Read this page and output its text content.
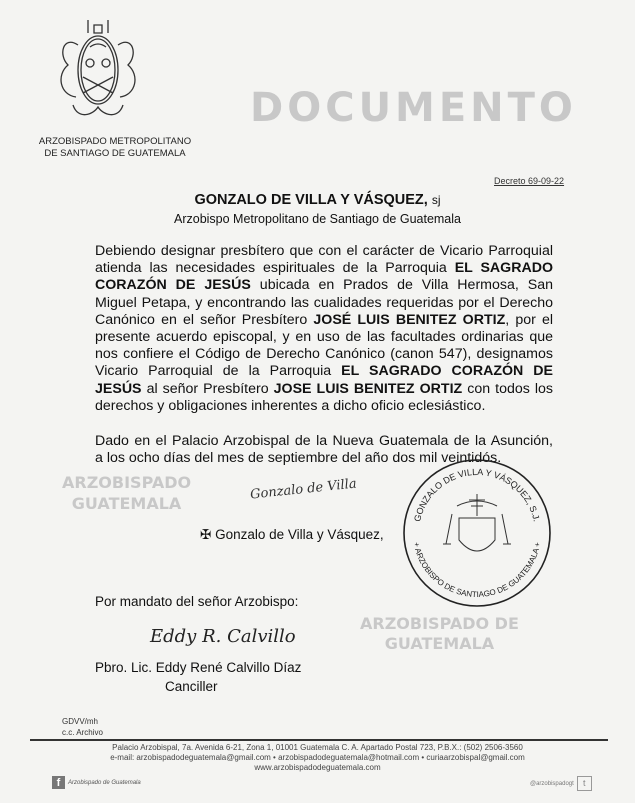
ARZOBISPADO METROPOLITANO
DE SANTIAGO DE GUATEMALA
Decreto 69-09-22
GONZALO DE VILLA Y VÁSQUEZ, sj
Arzobispo Metropolitano de Santiago de Guatemala
DOCUMENTO
ARZOBISPADO
GUATEMALA
ARZOBISPADO DE
GUATEMALA
Debiendo designar presbítero que con el carácter de Vicario Parroquial
atienda las necesidades espirituales de la Parroquia EL SAGRADO
CORAZÓN DE JESÚS ubicada en Prados de Villa Hermosa, San
Miguel Petapa, y encontrando las cualidades requeridas por el Derecho
Canónico en el señor Presbítero JOSÉ LUIS BENITEZ ORTIZ, por el
presente acuerdo episcopal, y en uso de las facultades ordinarias que
nos confiere el Código de Derecho Canónico (canon 547), designamos
Vicario Parroquial de la Parroquia EL SAGRADO CORAZÓN DE
JESÚS al señor Presbítero JOSE LUIS BENITEZ ORTIZ con todos los
derechos y obligaciones inherentes a dicho oficio eclesiástico.
Dado en el Palacio Arzobispal de la Nueva Guatemala de la Asunción,
a los ocho días del mes de septiembre del año dos mil veintidós.
Gonzalo de Villa
✠ Gonzalo de Villa y Vásquez,
GONZALO DE VILLA Y VÁSQUEZ, S.J.
+ ARZOBISPO DE SANTIAGO DE GUATEMALA +
Por mandato del señor Arzobispo:
Eddy R. Calvillo
Pbro. Lic. Eddy René Calvillo Díaz
Canciller
GDVV/mh
c.c. Archivo
Palacio Arzobispal, 7a. Avenida 6-21, Zona 1, 01001 Guatemala C. A. Apartado Postal 723, P.B.X.: (502) 2506-3560
e-mail: arzobispadodeguatemala@gmail.com • arzobispadodeguatemala@hotmail.com • curiaarzobispal@gmail.com
www.arzobispadodeguatemala.com
f	Arzobispado de Guatemala	@arzobispadogt	t
